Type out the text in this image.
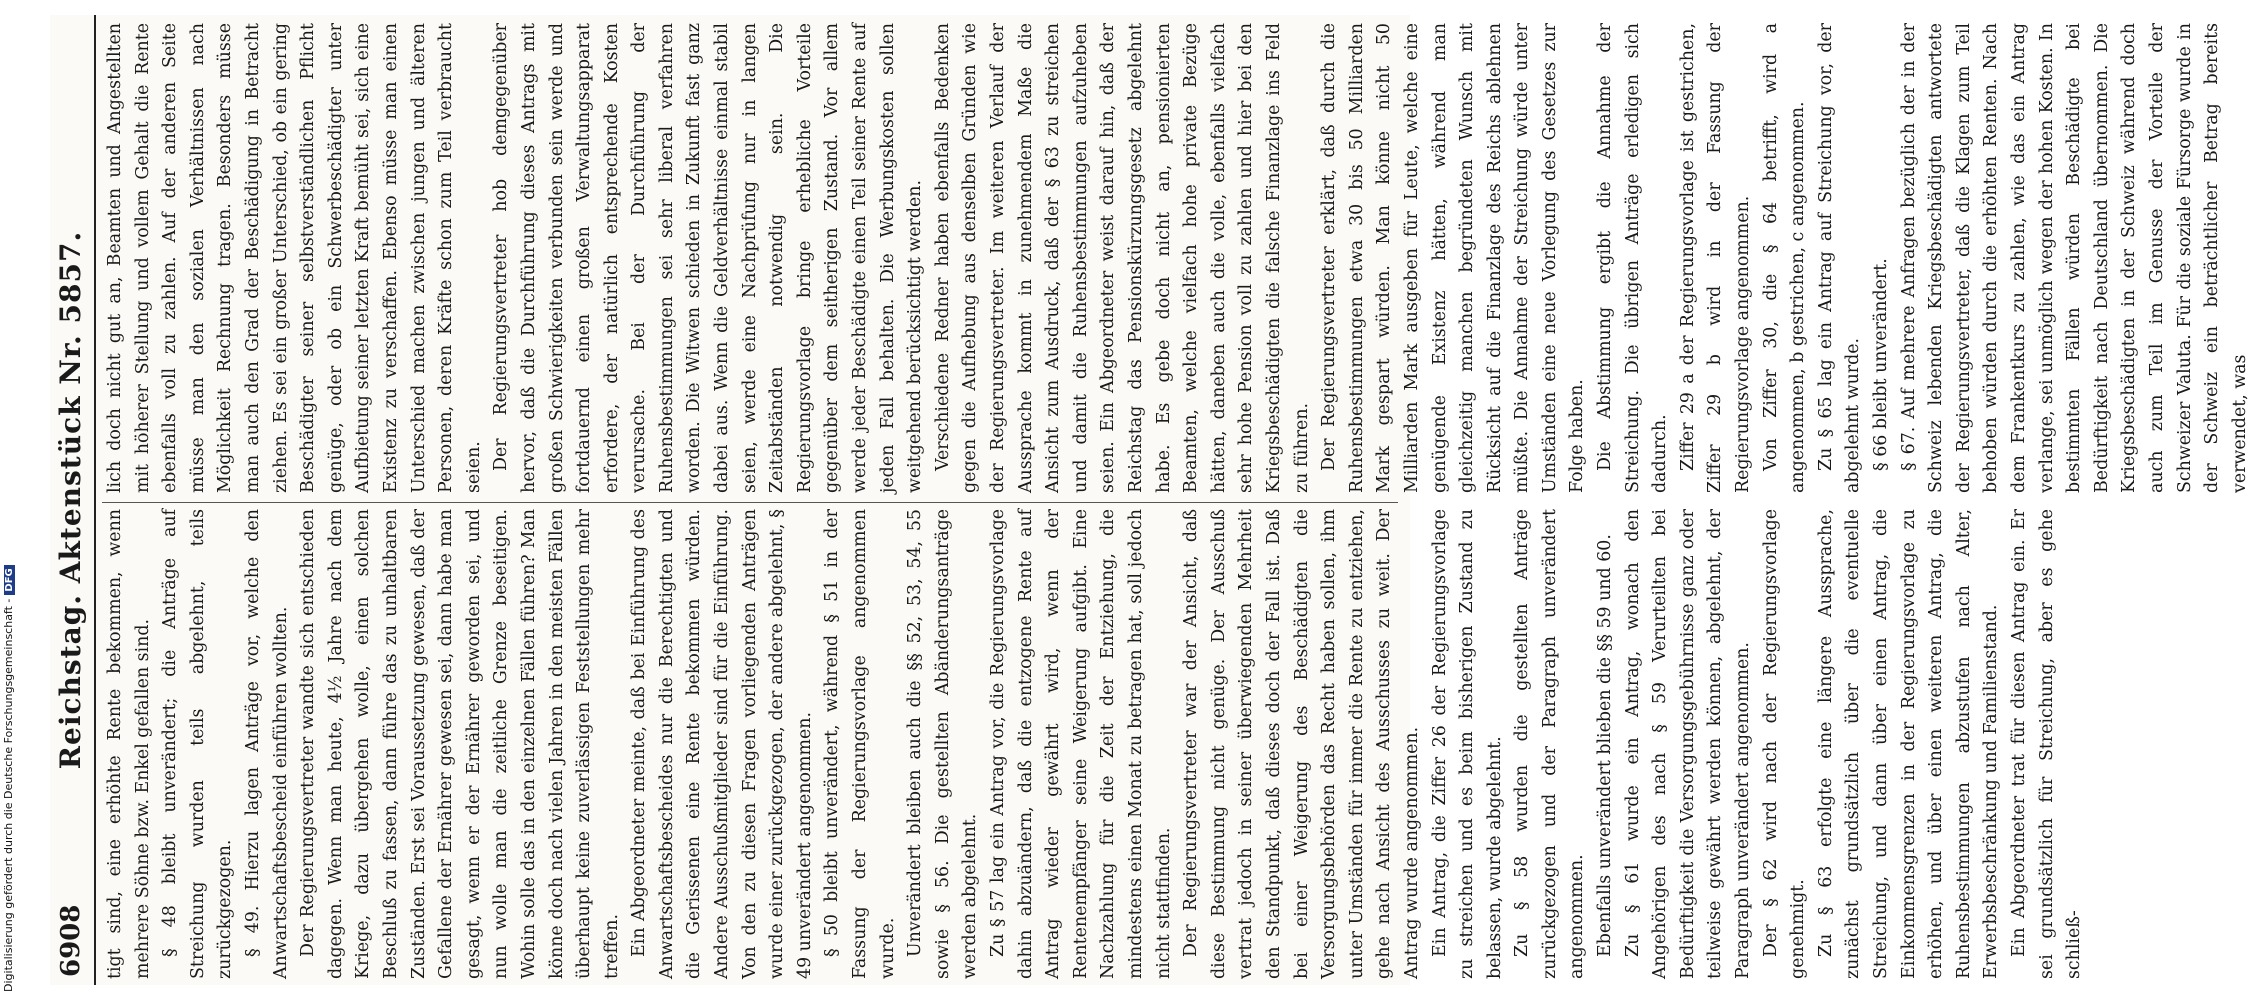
6908
Reichstag. Aktenstück Nr. 5857. tigt sind, eine erhöhte Rente bekommen, wenn mehrere Söhne bzw. Enkel gefallen sind. § 48 bleibt unverändert; die Anträge auf Streichung wurden teils abgelehnt, teils zurückgezogen. § 49. Hierzu lagen Anträge vor, welche den Anwartschaftsbescheid einführen wollten. Der Regierungsvertreter wandte sich entschieden dagegen. Wenn man heute, 4½ Jahre nach dem Kriege, dazu übergehen wolle, einen solchen Beschluß zu fassen, dann führe das zu unhaltbaren Zuständen. Erst sei Voraussetzung gewesen, daß der Gefallene der Ernährer gewesen sei, dann habe man gesagt, wenn er der Ernährer geworden sei, und nun wolle man die zeitliche Grenze beseitigen. Wohin solle das in den einzelnen Fällen führen? Man könne doch nach vielen Jahren in den meisten Fällen überhaupt keine zuverlässigen Feststellungen mehr treffen. Ein Abgeordneter meinte, daß bei Einführung des Anwartschaftsbescheides nur die Berechtigten und die Gerissenen eine Rente bekommen würden. Andere Ausschußmitglieder sind für die Einführung. Von den zu diesen Fragen vorliegenden Anträgen wurde einer zurückgezogen, der andere abgelehnt, § 49 unverändert angenommen. § 50 bleibt unverändert, während § 51 in der Fassung der Regierungsvorlage angenommen wurde. Unverändert bleiben auch die §§ 52, 53, 54, 55 sowie § 56. Die gestellten Abänderungsanträge werden abgelehnt. Zu § 57 lag ein Antrag vor, die Regierungsvorlage dahin abzuändern, daß die entzogene Rente auf Antrag wieder gewährt wird, wenn der Rentenempfänger seine Weigerung aufgibt. Eine Nachzahlung für die Zeit der Entziehung, die mindestens einen Monat zu betragen hat, soll jedoch nicht stattfinden. Der Regierungsvertreter war der Ansicht, daß diese Bestimmung nicht genüge. Der Ausschuß vertrat jedoch in seiner überwiegenden Mehrheit den Standpunkt, daß dieses doch der Fall ist. Daß bei einer Weigerung des Beschädigten die Versorgungsbehörden das Recht haben sollen, ihm unter Umständen für immer die Rente zu entziehen, gehe nach Ansicht des Ausschusses zu weit. Der Antrag wurde angenommen. Ein Antrag, die Ziffer 26 der Regierungsvorlage zu streichen und es beim bisherigen Zustand zu belassen, wurde abgelehnt. Zu § 58 wurden die gestellten Anträge zurückgezogen und der Paragraph unverändert angenommen. Ebenfalls unverändert blieben die §§ 59 und 60. Zu § 61 wurde ein Antrag, wonach den Angehörigen des nach § 59 Verurteilten bei Bedürftigkeit die Versorgungsgebührnisse ganz oder teilweise gewährt werden können, abgelehnt, der Paragraph unverändert angenommen. Der § 62 wird nach der Regierungsvorlage genehmigt. Zu § 63 erfolgte eine längere Aussprache, zunächst grundsätzlich über die eventuelle Streichung, und dann über einen Antrag, die Einkommensgrenzen in der Regierungsvorlage zu erhöhen, und über einen weiteren Antrag, die Ruhensbestimmungen abzustufen nach Alter, Erwerbsbeschränkung und Familienstand. Ein Abgeordneter trat für diesen Antrag ein. Er sei grundsätzlich für Streichung, aber es gehe schließ-

lich doch nicht gut an, Beamten und Angestellten mit höherer Stellung und vollem Gehalt die Rente ebenfalls voll zu zahlen. Auf der anderen Seite müsse man den sozialen Verhältnissen nach Möglichkeit Rechnung tragen. Besonders müsse man auch den Grad der Beschädigung in Betracht ziehen. Es sei ein großer Unterschied, ob ein gering Beschädigter seiner selbstverständlichen Pflicht genüge, oder ob ein Schwerbeschädigter unter Aufbietung seiner letzten Kraft bemüht sei, sich eine Existenz zu verschaffen. Ebenso müsse man einen Unterschied machen zwischen jungen und älteren Personen, deren Kräfte schon zum Teil verbraucht seien. Der Regierungsvertreter hob demgegenüber hervor, daß die Durchführung dieses Antrags mit großen Schwierigkeiten verbunden sein werde und fortdauernd einen großen Verwaltungsapparat erfordere, der natürlich entsprechende Kosten verursache. Bei der Durchführung der Ruhensbestimmungen sei sehr liberal verfahren worden. Die Witwen schieden in Zukunft fast ganz dabei aus. Wenn die Geldverhältnisse einmal stabil seien, werde eine Nachprüfung nur in langen Zeitabständen notwendig sein. Die Regierungsvorlage bringe erhebliche Vorteile gegenüber dem seitherigen Zustand. Vor allem werde jeder Beschädigte einen Teil seiner Rente auf jeden Fall behalten. Die Werbungskosten sollen weitgehend berücksichtigt werden. Verschiedene Redner haben ebenfalls Bedenken gegen die Aufhebung aus denselben Gründen wie der Regierungsvertreter. Im weiteren Verlauf der Aussprache kommt in zunehmendem Maße die Ansicht zum Ausdruck, daß der § 63 zu streichen und damit die Ruhensbestimmungen aufzuheben seien. Ein Abgeordneter weist darauf hin, daß der Reichstag das Pensionskürzungsgesetz abgelehnt habe. Es gebe doch nicht an, pensionierten Beamten, welche vielfach hohe private Bezüge hätten, daneben auch die volle, ebenfalls vielfach sehr hohe Pension voll zu zahlen und hier bei den Kriegsbeschädigten die falsche Finanzlage ins Feld zu führen. Der Regierungsvertreter erklärt, daß durch die Ruhensbestimmungen etwa 30 bis 50 Milliarden Mark gespart würden. Man könne nicht 50 Milliarden Mark ausgeben für Leute, welche eine genügende Existenz hätten, während man gleichzeitig manchen begründeten Wunsch mit Rücksicht auf die Finanzlage des Reichs ablehnen müßte. Die Annahme der Streichung würde unter Umständen eine neue Vorlegung des Gesetzes zur Folge haben. Die Abstimmung ergibt die Annahme der Streichung. Die übrigen Anträge erledigen sich dadurch. Ziffer 29 a der Regierungsvorlage ist gestrichen, Ziffer 29 b wird in der Fassung der Regierungsvorlage angenommen. Von Ziffer 30, die § 64 betrifft, wird a angenommen, b gestrichen, c angenommen. Zu § 65 lag ein Antrag auf Streichung vor, der abgelehnt wurde. § 66 bleibt unverändert. § 67. Auf mehrere Anfragen bezüglich der in der Schweiz lebenden Kriegsbeschädigten antwortete der Regierungsvertreter, daß die Klagen zum Teil behoben würden durch die erhöhten Renten. Nach dem Frankentkurs zu zahlen, wie das ein Antrag verlange, sei unmöglich wegen der hohen Kosten. In bestimmten Fällen würden Beschädigte bei Bedürftigkeit nach Deutschland übernommen. Die Kriegsbeschädigten in der Schweiz während doch auch zum Teil im Genusse der Vorteile der Schweizer Valuta. Für die soziale Fürsorge wurde in der Schweiz ein beträchtlicher Betrag bereits verwendet, was

Digitalisierung gefördert durch die Deutsche Forschungsgemeinschaft -DFG
